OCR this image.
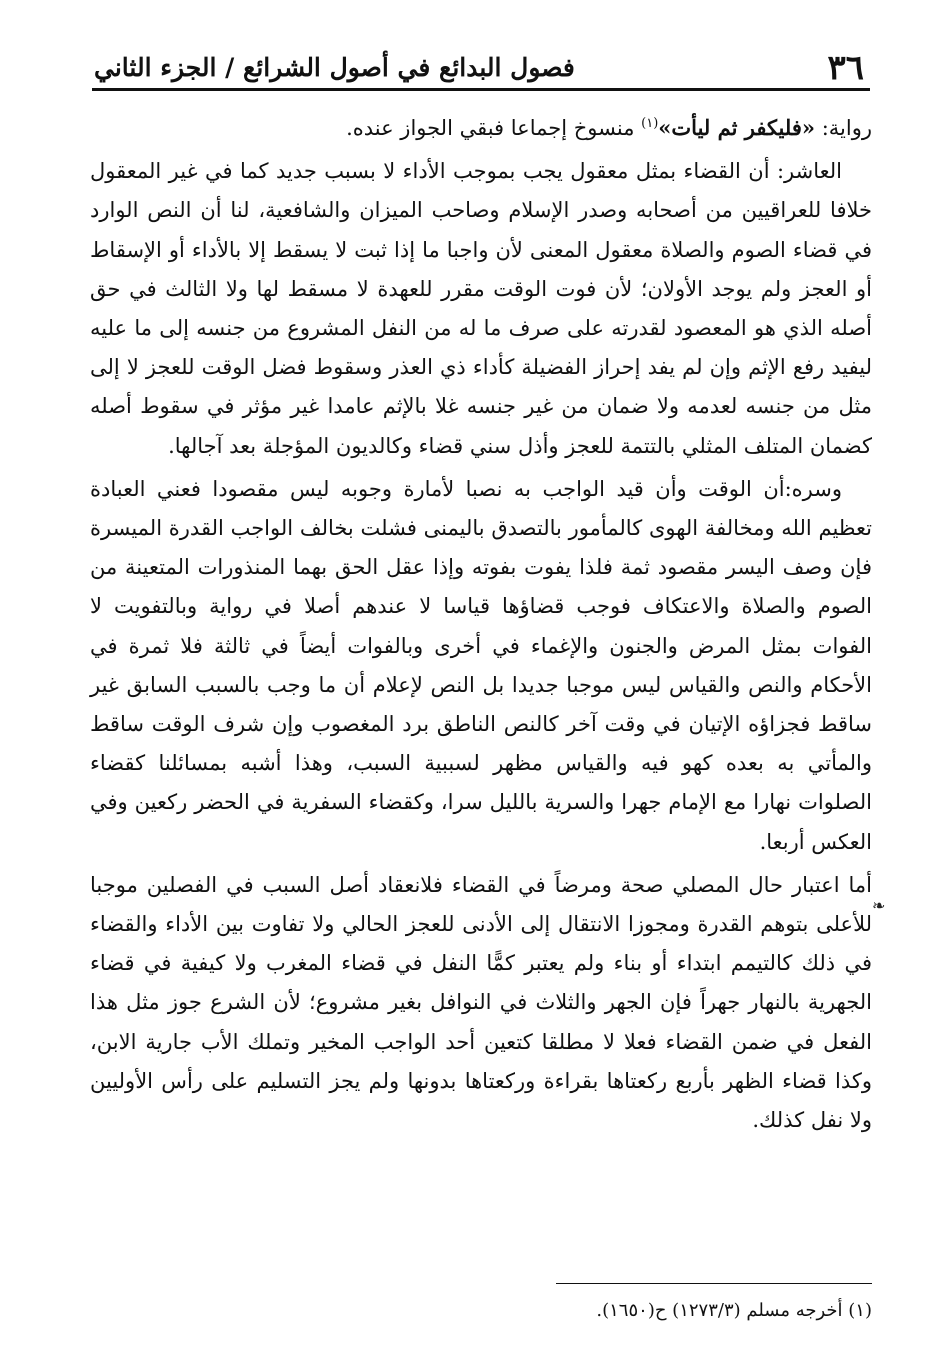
٣٦
فصول البدائع في أصول الشرائع / الجزء الثاني

رواية: «فليكفر ثم ليأت»$^{(١)}$ منسوخ إجماعا فبقي الجواز عنده.

العاشر: أن القضاء بمثل معقول يجب بموجب الأداء لا بسبب جديد كما في غير المعقول خلافا للعراقيين من أصحابه وصدر الإسلام وصاحب الميزان والشافعية، لنا أن النص الوارد في قضاء الصوم والصلاة معقول المعنى لأن واجبا ما إذا ثبت لا يسقط إلا بالأداء أو الإسقاط أو العجز ولم يوجد الأولان؛ لأن فوت الوقت مقرر للعهدة لا مسقط لها ولا الثالث في حق أصله الذي هو المعصود لقدرته على صرف ما له من النفل المشروع من جنسه إلى ما عليه ليفيد رفع الإثم وإن لم يفد إحراز الفضيلة كأداء ذي العذر وسقوط فضل الوقت للعجز لا إلى مثل من جنسه لعدمه ولا ضمان من غير جنسه غلا بالإثم عامدا غير مؤثر في سقوط أصله كضمان المتلف المثلي بالتتمة للعجز وأذل سني قضاء وكالديون المؤجلة بعد آجالها.

وسره:أن الوقت وأن قيد الواجب به نصبا لأمارة وجوبه ليس مقصودا فعني العبادة تعظيم الله ومخالفة الهوى كالمأمور بالتصدق باليمنى فشلت بخالف الواجب القدرة الميسرة فإن وصف اليسر مقصود ثمة فلذا يفوت بفوته وإذا عقل الحق بهما المنذورات المتعينة من الصوم والصلاة والاعتكاف فوجب قضاؤها قياسا لا عندهم أصلا في رواية وبالتفويت لا الفوات بمثل المرض والجنون والإغماء في أخرى وبالفوات أيضاً في ثالثة فلا ثمرة في الأحكام والنص والقياس ليس موجبا جديدا بل النص لإعلام أن ما وجب بالسبب السابق غير ساقط فجزاؤه الإتيان في وقت آخر كالنص الناطق برد المغصوب وإن شرف الوقت ساقط والمأتي به بعده كهو فيه والقياس مظهر لسببية السبب، وهذا أشبه بمسائلنا كقضاء الصلوات نهارا مع الإمام جهرا والسرية بالليل سرا، وكقضاء السفرية في الحضر ركعين وفي العكس أربعا.

أما اعتبار حال المصلي صحة ومرضاً في القضاء فلانعقاد أصل السبب في الفصلين موجبا للأعلى بتوهم القدرة ومجوزا الانتقال إلى الأدنى للعجز الحالي ولا تفاوت بين الأداء والقضاء في ذلك كالتيمم ابتداء أو بناء ولم يعتبر كمًّا النفل في قضاء المغرب ولا كيفية في قضاء الجهرية بالنهار جهراً فإن الجهر والثلاث في النوافل بغير مشروع؛ لأن الشرع جوز مثل هذا الفعل في ضمن القضاء فعلا لا مطلقا كتعين أحد الواجب المخير وتملك الأب جارية الابن، وكذا قضاء الظهر بأربع ركعتاها بقراءة وركعتاها بدونها ولم يجز التسليم على رأس الأوليين ولا نفل كذلك.

❧
(١) أخرجه مسلم (١٢٧٣/٣) ح(١٦٥٠).
